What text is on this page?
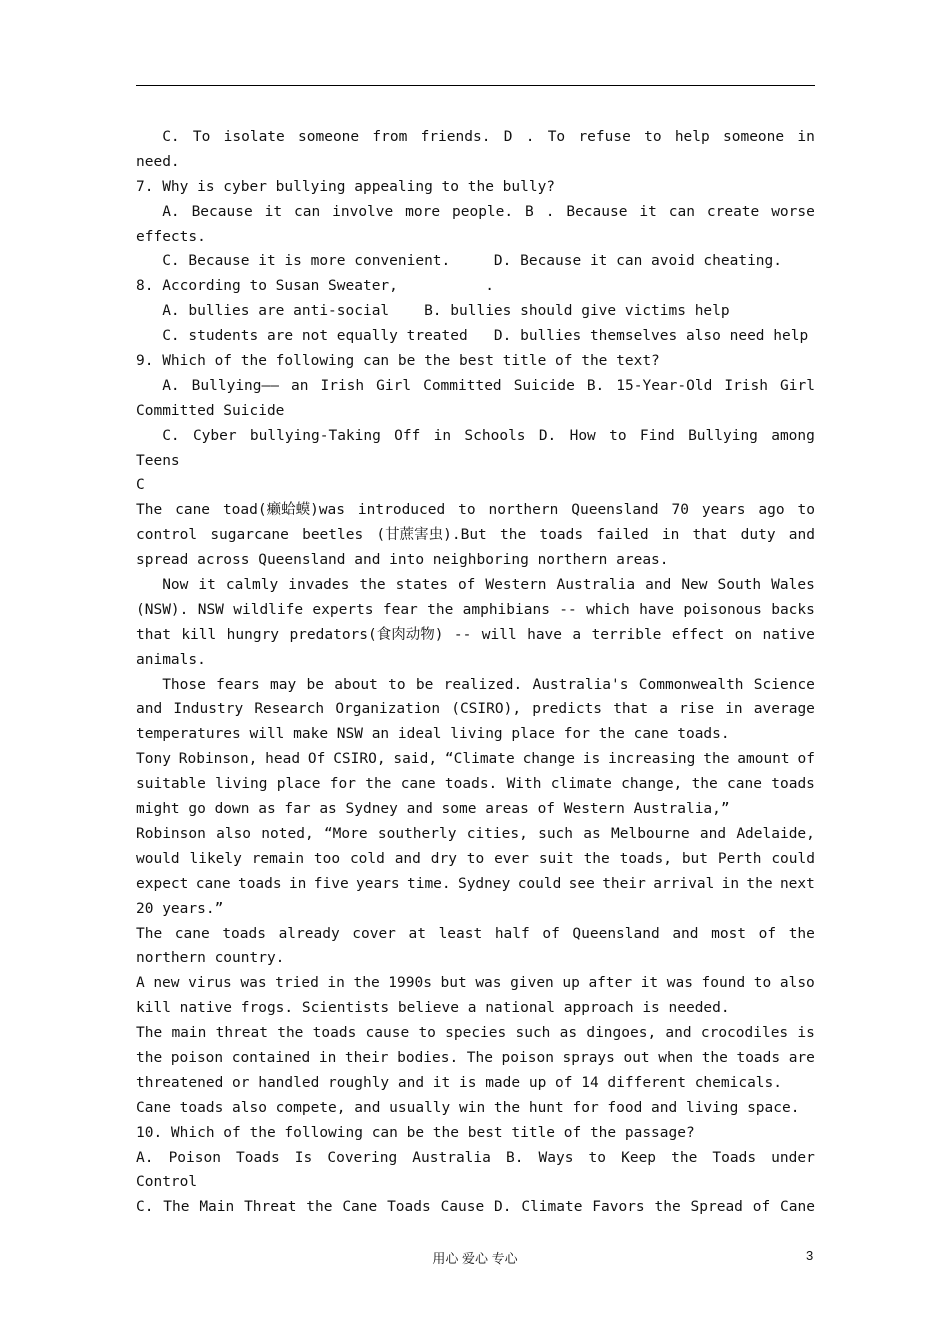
C. To isolate someone from friends. D . To refuse to help someone in
need.
7. Why is cyber bullying appealing to the bully?
A. Because it can involve more people. B . Because it can create worse
effects.
C. Because it is more convenient.     D. Because it can avoid cheating.
8. According to Susan Sweater,          .
A. bullies are anti-social    B. bullies should give victims help
C. students are not equally treated   D. bullies themselves also need help
9. Which of the following can be the best title of the text?
A. Bullying—— an Irish Girl Committed Suicide B. 15-Year-Old Irish Girl
Committed Suicide
C. Cyber bullying-Taking Off in Schools D. How to Find Bullying among
Teens
C
The cane toad(癞蛤蟆)was introduced to northern Queensland 70 years ago to
control sugarcane beetles (甘蔗害虫).But the toads failed in that duty and
spread across Queensland and into neighboring northern areas.
Now it calmly invades the states of Western Australia and New South Wales
(NSW). NSW wildlife experts fear the amphibians -- which have poisonous backs
that kill hungry predators(食肉动物) -- will have a terrible effect on native
animals.
Those fears may be about to be realized. Australia's Commonwealth Science
and Industry Research Organization (CSIRO), predicts that a rise in average
temperatures will make NSW an ideal living place for the cane toads.
Tony Robinson, head Of CSIRO, said, “Climate change is increasing the amount of
suitable living place for the cane toads. With climate change, the cane toads
might go down as far as Sydney and some areas of Western Australia,”
Robinson also noted, “More southerly cities, such as Melbourne and Adelaide,
would likely remain too cold and dry to ever suit the toads, but Perth could
expect cane toads in five years time. Sydney could see their arrival in the next
20 years.”
The cane toads already cover at least half of Queensland and most of the
northern country.
A new virus was tried in the 1990s but was given up after it was found to also
kill native frogs. Scientists believe a national approach is needed.
The main threat the toads cause to species such as dingoes, and crocodiles is
the poison contained in their bodies. The poison sprays out when the toads are
threatened or handled roughly and it is made up of 14 different chemicals.
Cane toads also compete, and usually win the hunt for food and living space.
10. Which of the following can be the best title of the passage?
A. Poison Toads Is Covering Australia B. Ways to Keep the Toads under
Control
C. The Main Threat the Cane Toads Cause D. Climate Favors the Spread of Cane
用心 爱心 专心	3
